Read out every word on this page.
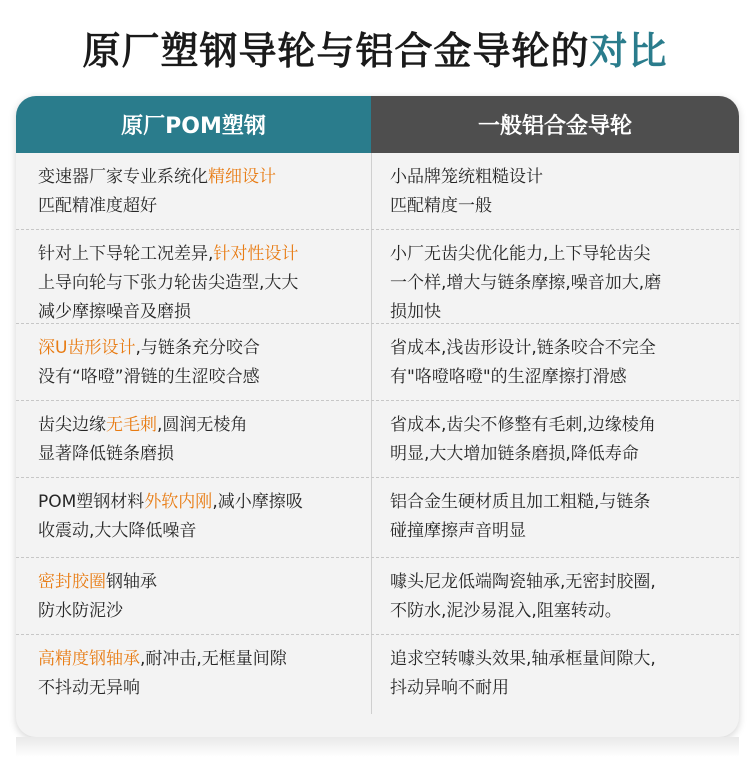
原厂塑钢导轮与铝合金导轮的对比
原厂POM塑钢	一般铝合金导轮
变速器厂家专业系统化精细设计
匹配精准度超好
小品牌笼统粗糙设计
匹配精度一般
针对上下导轮工况差异,针对性设计
上导向轮与下张力轮齿尖造型,大大
减少摩擦噪音及磨损
小厂无齿尖优化能力,上下导轮齿尖
一个样,增大与链条摩擦,噪音加大,磨
损加快
深U齿形设计,与链条充分咬合
没有“咯噔”滑链的生涩咬合感
省成本,浅齿形设计,链条咬合不完全
有"咯噔咯噔"的生涩摩擦打滑感
齿尖边缘无毛刺,圆润无棱角
显著降低链条磨损
省成本,齿尖不修整有毛刺,边缘棱角
明显,大大增加链条磨损,降低寿命
POM塑钢材料外软内刚,减小摩擦吸
收震动,大大降低噪音
铝合金生硬材质且加工粗糙,与链条
碰撞摩擦声音明显
密封胶圈钢轴承
防水防泥沙
噱头尼龙低端陶瓷轴承,无密封胶圈,
不防水,泥沙易混入,阻塞转动。
高精度钢轴承,耐冲击,无框量间隙
不抖动无异响
追求空转噱头效果,轴承框量间隙大,
抖动异响不耐用
